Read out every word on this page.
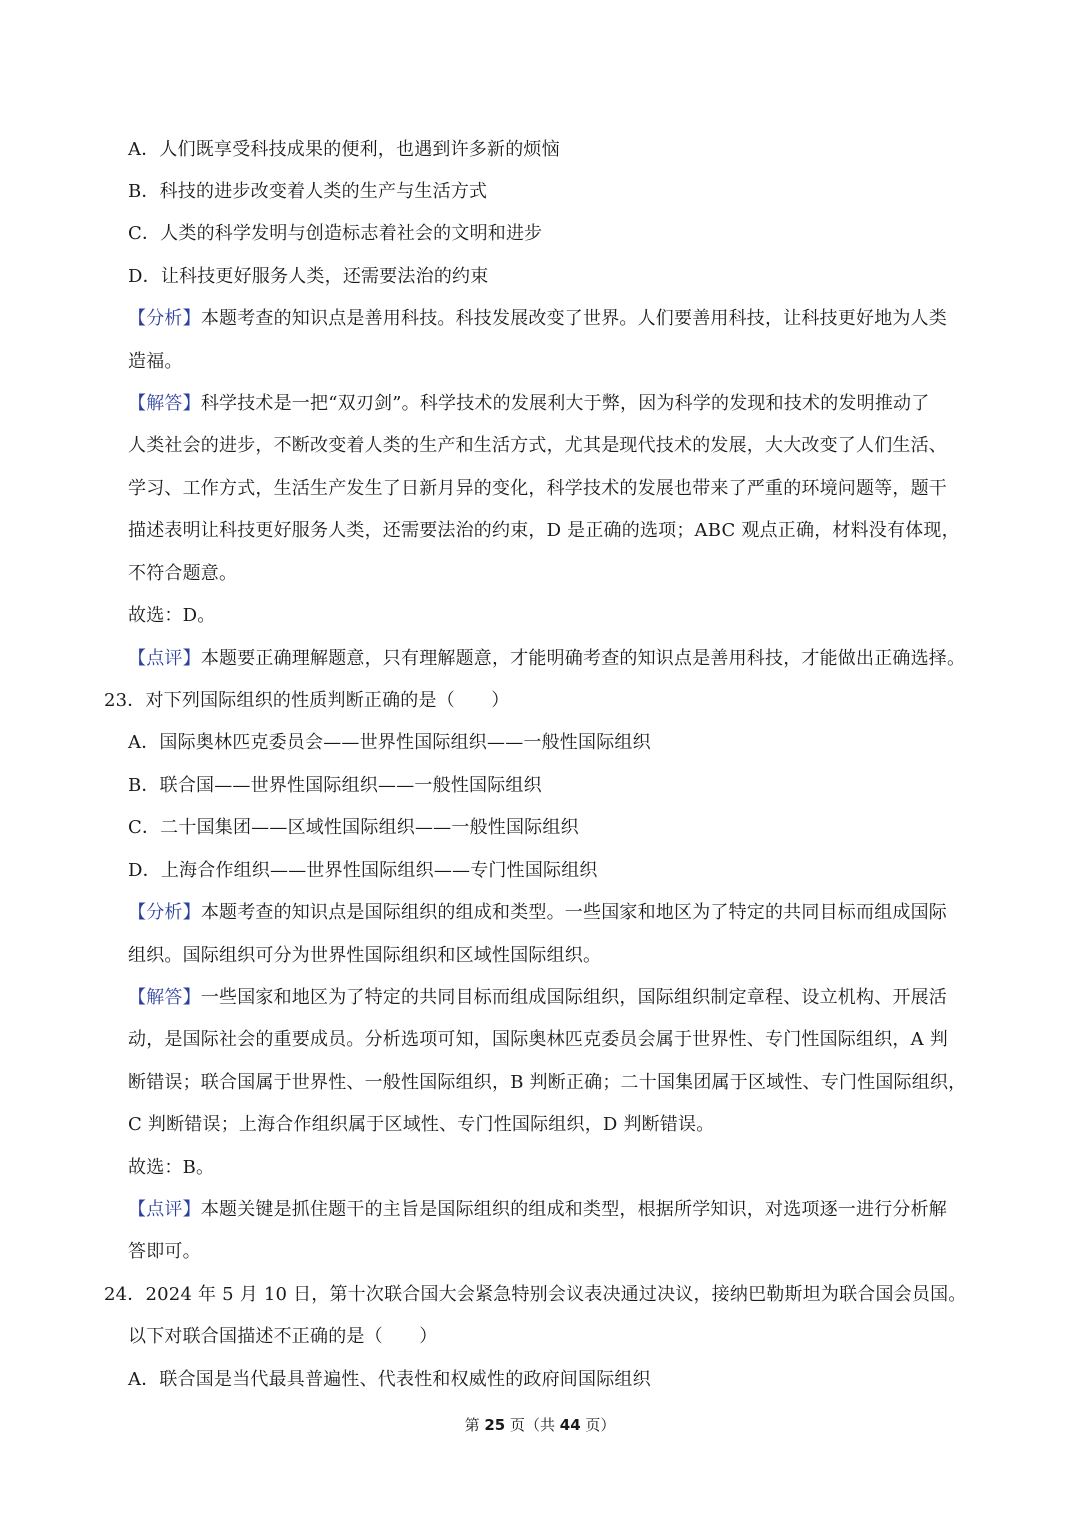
A．人们既享受科技成果的便利，也遇到许多新的烦恼
B．科技的进步改变着人类的生产与生活方式
C．人类的科学发明与创造标志着社会的文明和进步
D．让科技更好服务人类，还需要法治的约束
【分析】本题考查的知识点是善用科技。科技发展改变了世界。人们要善用科技，让科技更好地为人类
造福。
【解答】科学技术是一把“双刃剑”。科学技术的发展利大于弊，因为科学的发现和技术的发明推动了
人类社会的进步，不断改变着人类的生产和生活方式，尤其是现代技术的发展，大大改变了人们生活、
学习、工作方式，生活生产发生了日新月异的变化，科学技术的发展也带来了严重的环境问题等，题干
描述表明让科技更好服务人类，还需要法治的约束，D 是正确的选项；ABC 观点正确，材料没有体现，
不符合题意。
故选：D。
【点评】本题要正确理解题意，只有理解题意，才能明确考查的知识点是善用科技，才能做出正确选择。
23．对下列国际组织的性质判断正确的是（　　）
A．国际奥林匹克委员会——世界性国际组织——一般性国际组织
B．联合国——世界性国际组织——一般性国际组织
C．二十国集团——区域性国际组织——一般性国际组织
D．上海合作组织——世界性国际组织——专门性国际组织
【分析】本题考查的知识点是国际组织的组成和类型。一些国家和地区为了特定的共同目标而组成国际
组织。国际组织可分为世界性国际组织和区域性国际组织。
【解答】一些国家和地区为了特定的共同目标而组成国际组织，国际组织制定章程、设立机构、开展活
动，是国际社会的重要成员。分析选项可知，国际奥林匹克委员会属于世界性、专门性国际组织，A 判
断错误；联合国属于世界性、一般性国际组织，B 判断正确；二十国集团属于区域性、专门性国际组织，
C 判断错误；上海合作组织属于区域性、专门性国际组织，D 判断错误。
故选：B。
【点评】本题关键是抓住题干的主旨是国际组织的组成和类型，根据所学知识，对选项逐一进行分析解
答即可。
24．2024 年 5 月 10 日，第十次联合国大会紧急特别会议表决通过决议，接纳巴勒斯坦为联合国会员国。
以下对联合国描述不正确的是（　　）
A．联合国是当代最具普遍性、代表性和权威性的政府间国际组织
第 25 页（共 44 页）
